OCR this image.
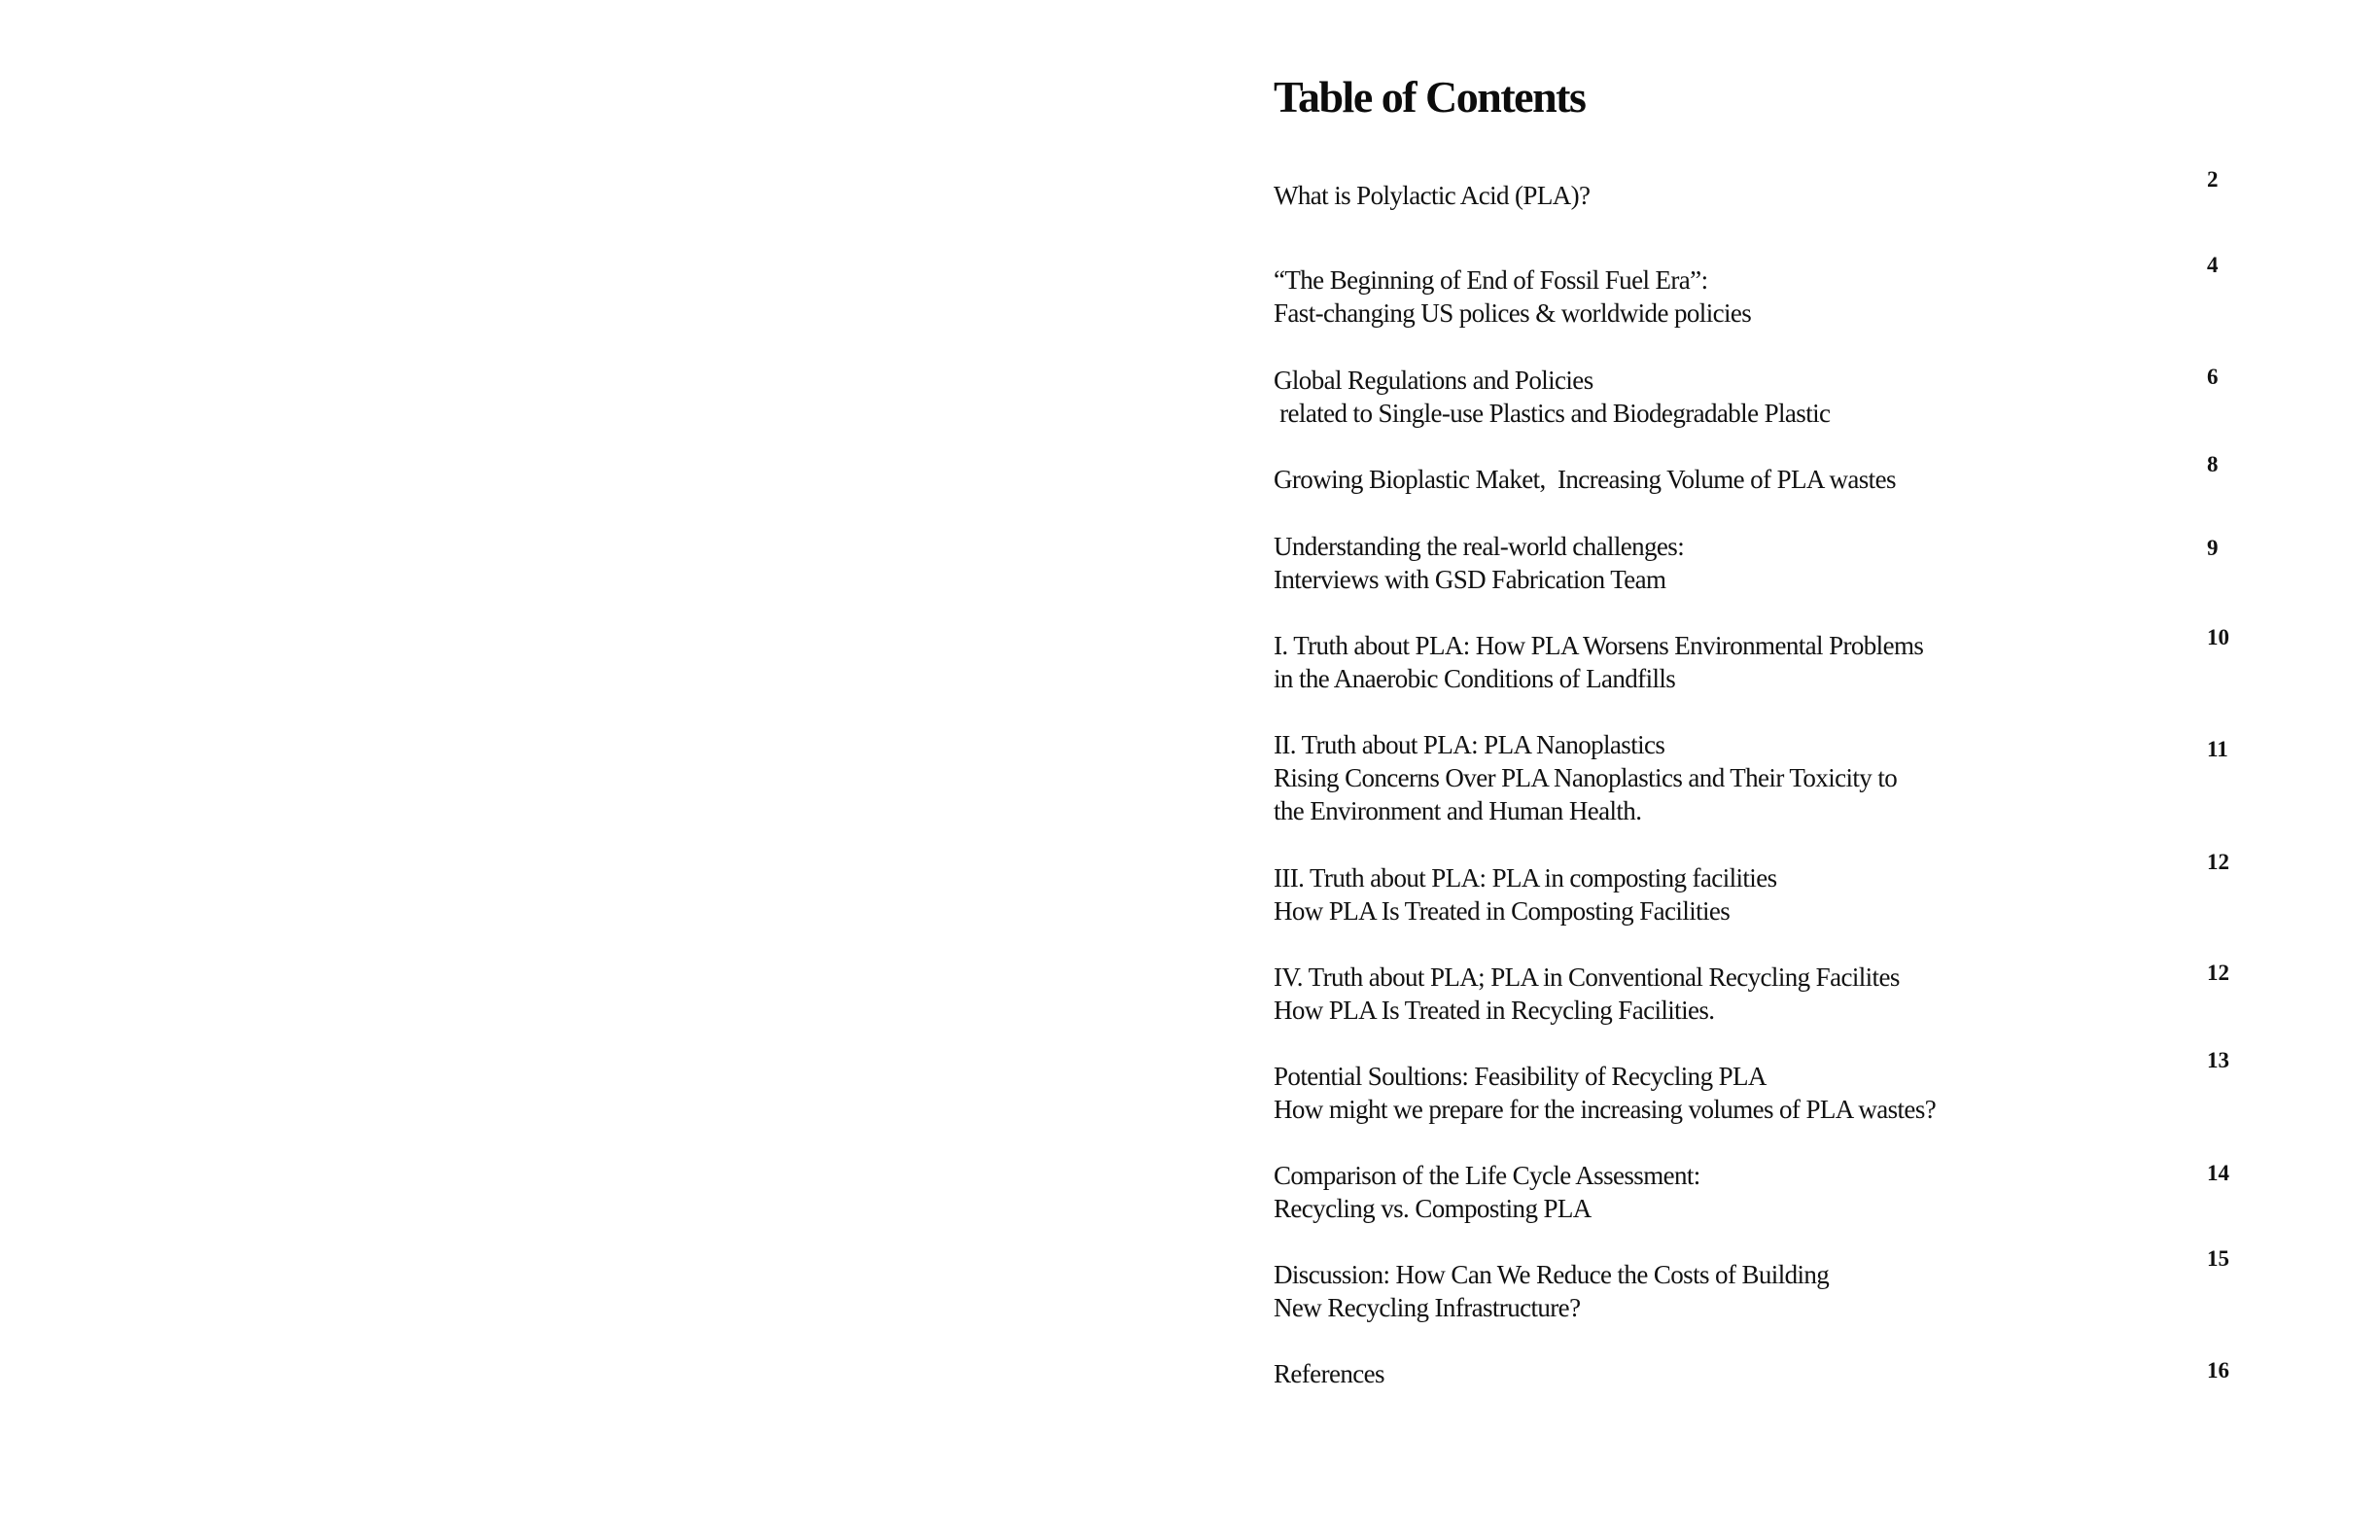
Table of Contents
What is Polylactic Acid (PLA)?
2
“The Beginning of End of Fossil Fuel Era”:
Fast-changing US polices & worldwide policies
4
Global Regulations and Policies
related to Single-use Plastics and Biodegradable Plastic
6
Growing Bioplastic Maket,  Increasing Volume of PLA wastes
8
Understanding the real-world challenges:
Interviews with GSD Fabrication Team
9
I. Truth about PLA: How PLA Worsens Environmental Problems
in the Anaerobic Conditions of Landfills
10
II. Truth about PLA: PLA Nanoplastics
Rising Concerns Over PLA Nanoplastics and Their Toxicity to
the Environment and Human Health.
11
III. Truth about PLA: PLA in composting facilities
How PLA Is Treated in Composting Facilities
12
IV. Truth about PLA; PLA in Conventional Recycling Facilites
How PLA Is Treated in Recycling Facilities.
12
Potential Soultions: Feasibility of Recycling PLA
How might we prepare for the increasing volumes of PLA wastes?
13
Comparison of the Life Cycle Assessment:
Recycling vs. Composting PLA
14
Discussion: How Can We Reduce the Costs of Building
New Recycling Infrastructure?
15
References	16
